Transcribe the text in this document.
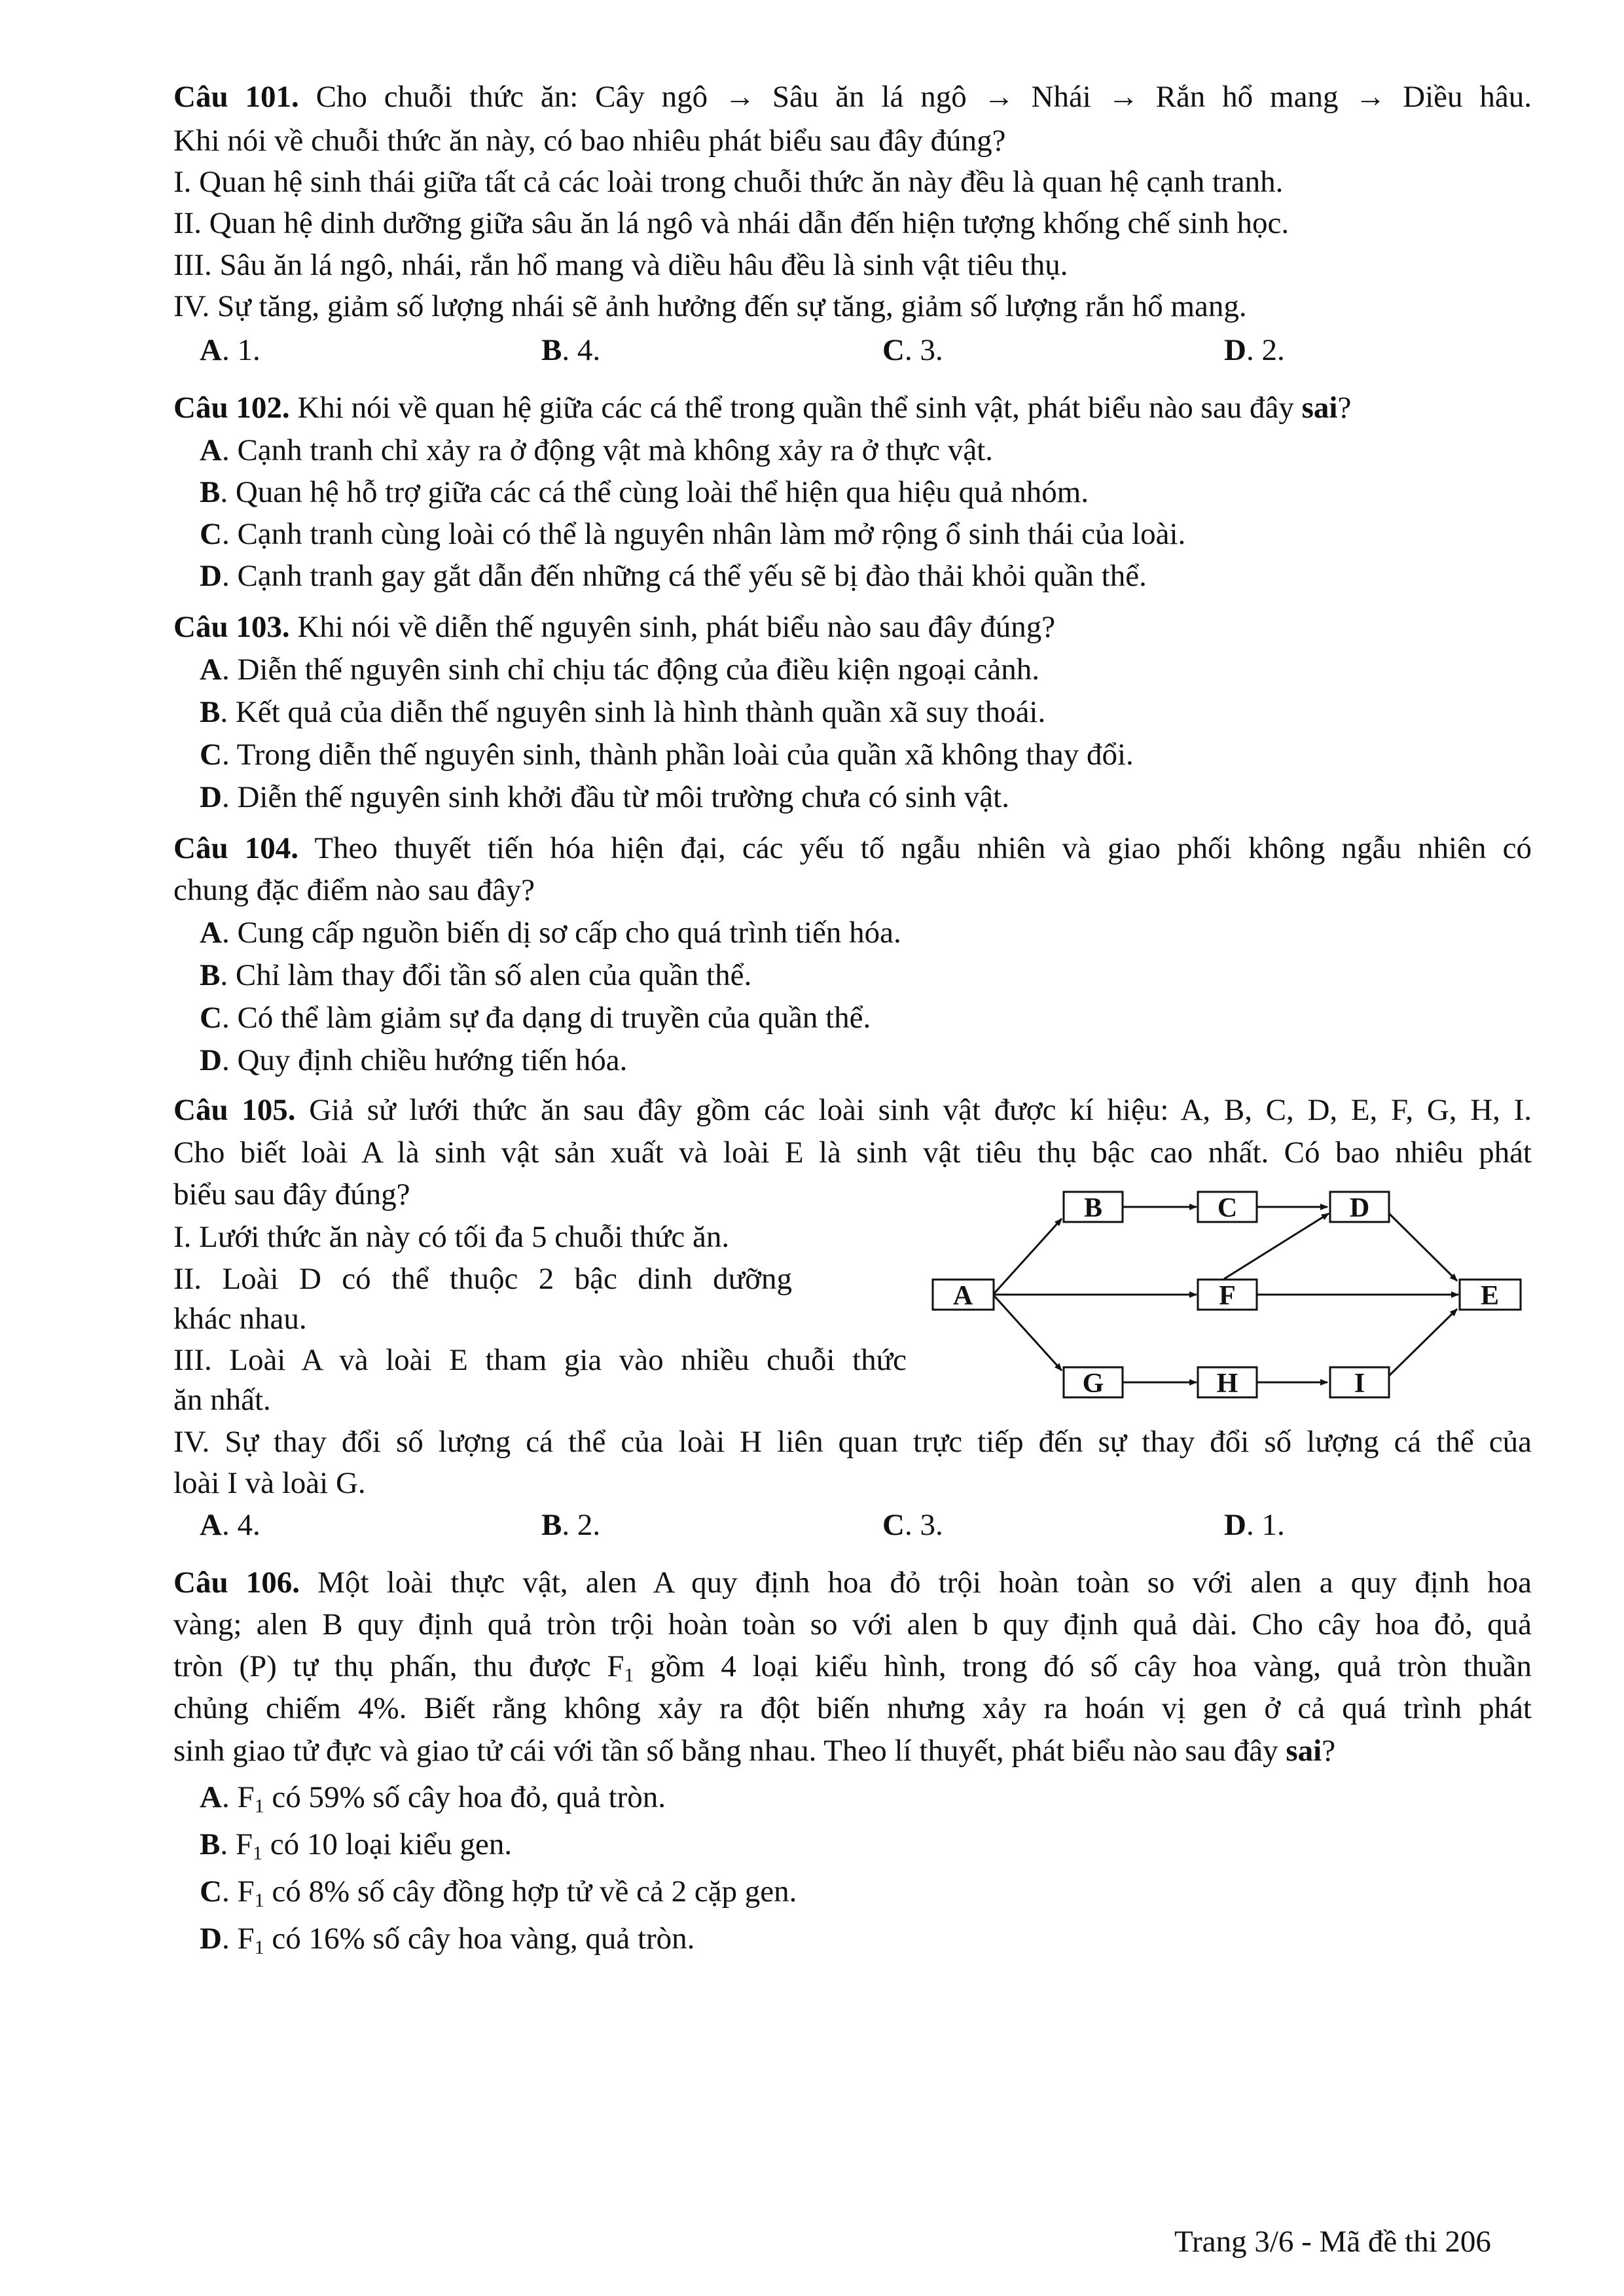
Câu 101. Cho chuỗi thức ăn: Cây ngô → Sâu ăn lá ngô → Nhái → Rắn hổ mang → Diều hâu.
Khi nói về chuỗi thức ăn này, có bao nhiêu phát biểu sau đây đúng?
I. Quan hệ sinh thái giữa tất cả các loài trong chuỗi thức ăn này đều là quan hệ cạnh tranh.
II. Quan hệ dinh dưỡng giữa sâu ăn lá ngô và nhái dẫn đến hiện tượng khống chế sinh học.
III. Sâu ăn lá ngô, nhái, rắn hổ mang và diều hâu đều là sinh vật tiêu thụ.
IV. Sự tăng, giảm số lượng nhái sẽ ảnh hưởng đến sự tăng, giảm số lượng rắn hổ mang.
A. 1.	B. 4.	C. 3.	D. 2.
Câu 102. Khi nói về quan hệ giữa các cá thể trong quần thể sinh vật, phát biểu nào sau đây sai?
A. Cạnh tranh chỉ xảy ra ở động vật mà không xảy ra ở thực vật.
B. Quan hệ hỗ trợ giữa các cá thể cùng loài thể hiện qua hiệu quả nhóm.
C. Cạnh tranh cùng loài có thể là nguyên nhân làm mở rộng ổ sinh thái của loài.
D. Cạnh tranh gay gắt dẫn đến những cá thể yếu sẽ bị đào thải khỏi quần thể.
Câu 103. Khi nói về diễn thế nguyên sinh, phát biểu nào sau đây đúng?
A. Diễn thế nguyên sinh chỉ chịu tác động của điều kiện ngoại cảnh.
B. Kết quả của diễn thế nguyên sinh là hình thành quần xã suy thoái.
C. Trong diễn thế nguyên sinh, thành phần loài của quần xã không thay đổi.
D. Diễn thế nguyên sinh khởi đầu từ môi trường chưa có sinh vật.
Câu 104. Theo thuyết tiến hóa hiện đại, các yếu tố ngẫu nhiên và giao phối không ngẫu nhiên có
chung đặc điểm nào sau đây?
A. Cung cấp nguồn biến dị sơ cấp cho quá trình tiến hóa.
B. Chỉ làm thay đổi tần số alen của quần thể.
C. Có thể làm giảm sự đa dạng di truyền của quần thể.
D. Quy định chiều hướng tiến hóa.
Câu 105. Giả sử lưới thức ăn sau đây gồm các loài sinh vật được kí hiệu: A, B, C, D, E, F, G, H, I.
Cho biết loài A là sinh vật sản xuất và loài E là sinh vật tiêu thụ bậc cao nhất. Có bao nhiêu phát
biểu sau đây đúng?
I. Lưới thức ăn này có tối đa 5 chuỗi thức ăn.
II. Loài D có thể thuộc 2 bậc dinh dưỡng
khác nhau.
III. Loài A và loài E tham gia vào nhiều chuỗi thức
ăn nhất.
IV. Sự thay đổi số lượng cá thể của loài H liên quan trực tiếp đến sự thay đổi số lượng cá thể của
loài I và loài G.
A
B	C	D
F	E
G	H	I
A. 4.	B. 2.	C. 3.	D. 1.
Câu 106. Một loài thực vật, alen A quy định hoa đỏ trội hoàn toàn so với alen a quy định hoa
vàng; alen B quy định quả tròn trội hoàn toàn so với alen b quy định quả dài. Cho cây hoa đỏ, quả
tròn (P) tự thụ phấn, thu được $F_1$ gồm 4 loại kiểu hình, trong đó số cây hoa vàng, quả tròn thuần
chủng chiếm 4%. Biết rằng không xảy ra đột biến nhưng xảy ra hoán vị gen ở cả quá trình phát
sinh giao tử đực và giao tử cái với tần số bằng nhau. Theo lí thuyết, phát biểu nào sau đây sai?
A. $F_1$ có 59% số cây hoa đỏ, quả tròn.
B. $F_1$ có 10 loại kiểu gen.
C. $F_1$ có 8% số cây đồng hợp tử về cả 2 cặp gen.
D. $F_1$ có 16% số cây hoa vàng, quả tròn.
Trang 3/6 - Mã đề thi 206
